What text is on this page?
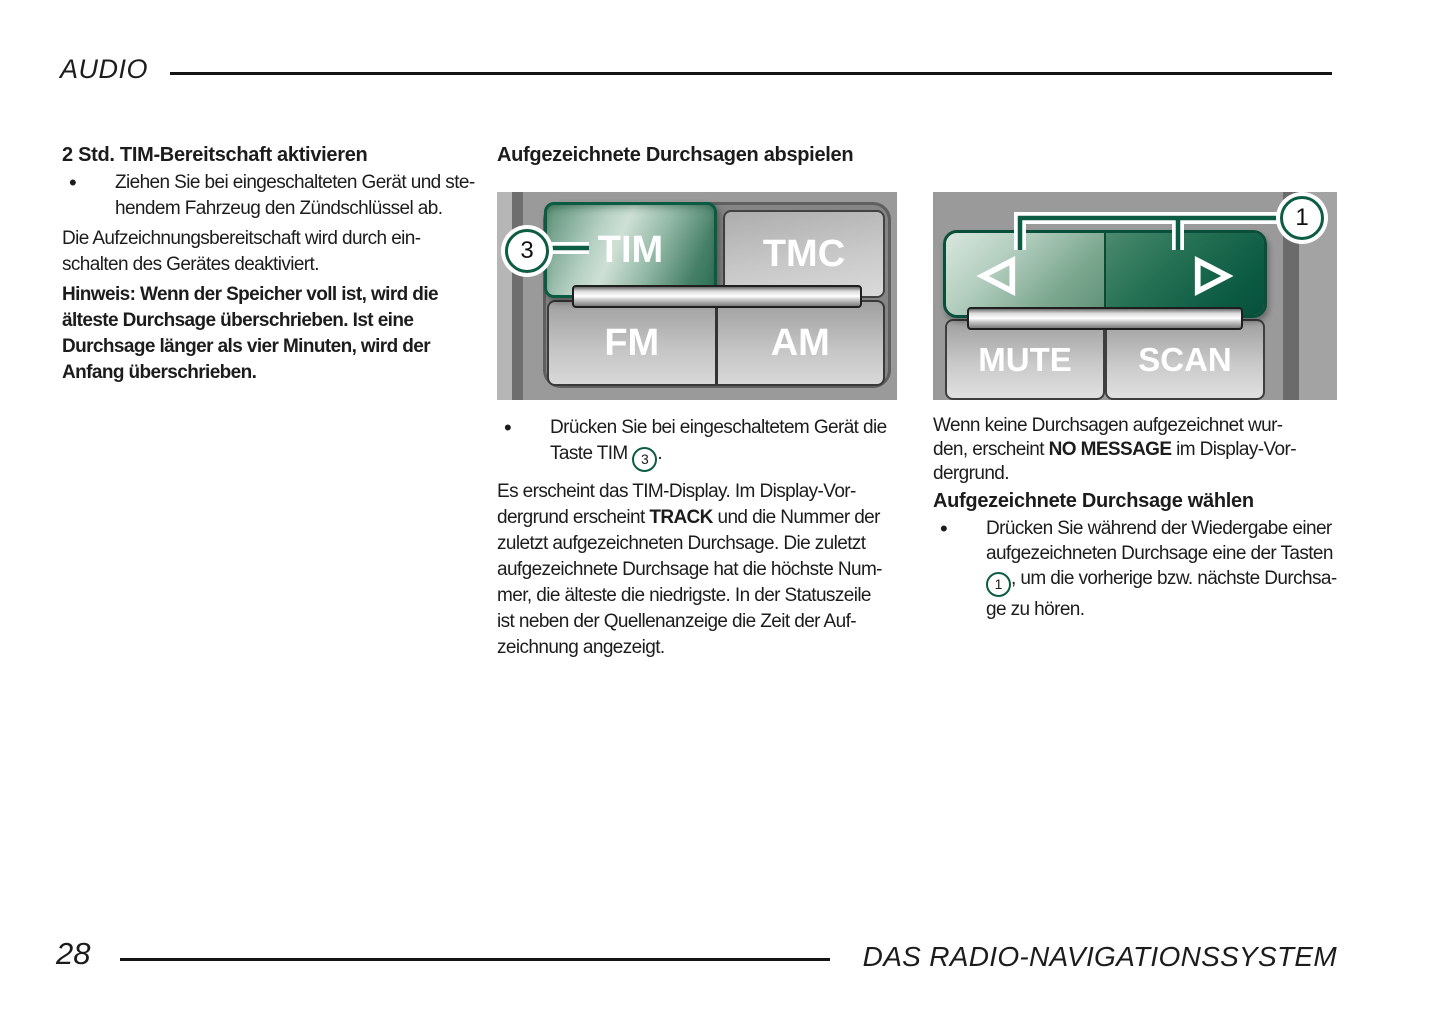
AUDIO
2 Std. TIM-Bereitschaft aktivieren
•	Ziehen Sie bei eingeschalteten Gerät und ste-
hendem Fahrzeug den Zündschlüssel ab.

Die Aufzeichnungsbereitschaft wird durch ein-
schalten des Gerätes deaktiviert.

Hinweis: Wenn der Speicher voll ist, wird die
älteste Durchsage überschrieben. Ist eine
Durchsage länger als vier Minuten, wird der
Anfang überschrieben.

Aufgezeichnete Durchsagen abspielen
TMC
FM	AM
TIM
3
•	Drücken Sie bei eingeschaltetem Gerät die
Taste TIM 3 .

Es erscheint das TIM-Display. Im Display-Vor-
dergrund erscheint TRACK und die Nummer der
zuletzt aufgezeichneten Durchsage. Die zuletzt
aufgezeichnete Durchsage hat die höchste Num-
mer, die älteste die niedrigste. In der Statuszeile
ist neben der Quellenanzeige die Zeit der Auf-
zeichnung angezeigt.

MUTE	SCAN
1

Wenn keine Durchsagen aufgezeichnet wur-
den, erscheint NO MESSAGE im Display-Vor-
dergrund.

Aufgezeichnete Durchsage wählen
•	Drücken Sie während der Wiedergabe einer
aufgezeichneten Durchsage eine der Tasten
1 , um die vorherige bzw. nächste Durchsa-
ge zu hören.
28	DAS RADIO-NAVIGATIONSSYSTEM
